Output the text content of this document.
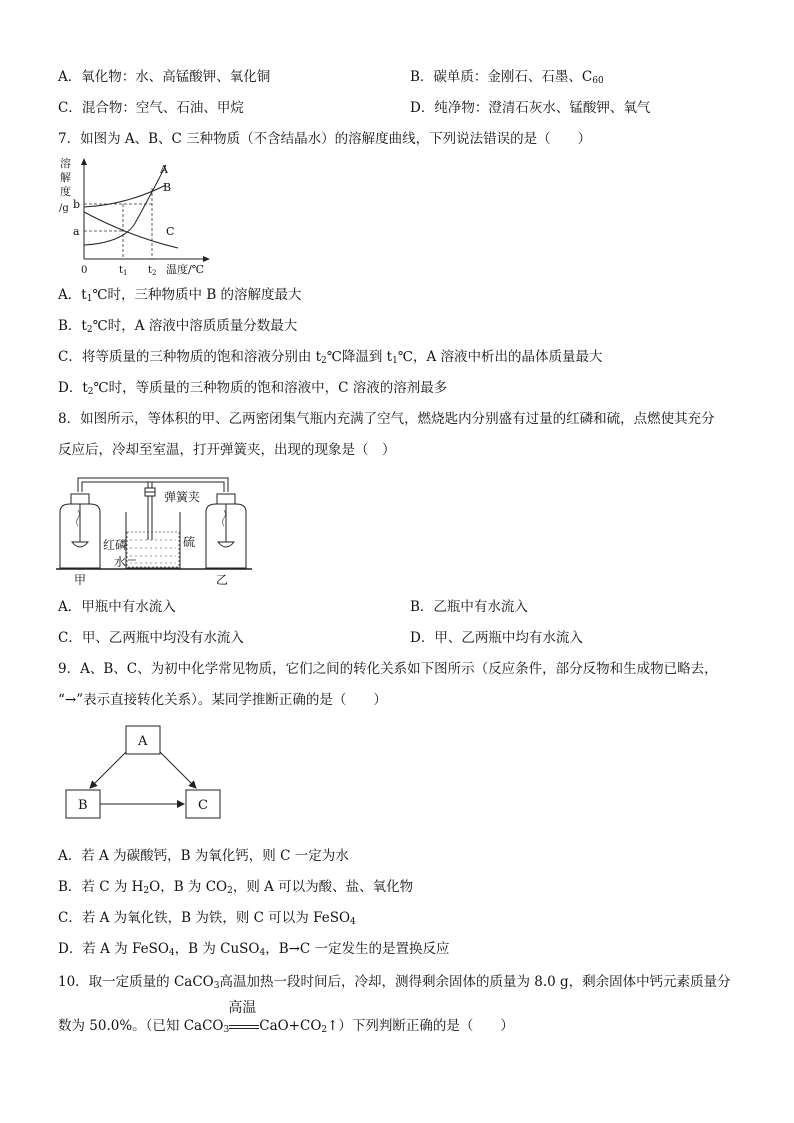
A．氧化物：水、高锰酸钾、氧化铜	B．碳单质：金刚石、石墨、$C_{60}$
C．混合物：空气、石油、甲烷	D．纯净物：澄清石灰水、锰酸钾、氧气
7．如图为 A、B、C 三种物质（不含结晶水）的溶解度曲线，下列说法错误的是（　　）
溶
解
度
/g
A
B
C
b
a
0	$t_1$ $t_2$ 温度/℃
A．$t_1℃$时，三种物质中 B 的溶解度最大
B．$t_2℃$时，A 溶液中溶质质量分数最大
C．将等质量的三种物质的饱和溶液分别由 $t_2℃$降温到 $t_1℃$，A 溶液中析出的晶体质量最大
D．$t_2℃$时，等质量的三种物质的饱和溶液中，C 溶液的溶剂最多
8．如图所示，等体积的甲、乙两密闭集气瓶内充满了空气，燃烧匙内分别盛有过量的红磷和硫，点燃使其充分
反应后，冷却至室温，打开弹簧夹，出现的现象是（　）
弹簧夹
红磷	硫
水
甲	乙
A．甲瓶中有水流入	B．乙瓶中有水流入
C．甲、乙两瓶中均没有水流入	D．甲、乙两瓶中均有水流入
9．A、B、C、为初中化学常见物质，它们之间的转化关系如下图所示（反应条件，部分反物和生成物已略去，
“→”表示直接转化关系）。某同学推断正确的是（　　）
A
B	C
A．若 A 为碳酸钙，B 为氧化钙，则 C 一定为水
B．若 C 为 $H_2O$，B 为 $CO_2$，则 A 可以为酸、盐、氧化物
C．若 A 为氧化铁，B 为铁，则 C 可以为 FeSO$_4$
D．若 A 为 FeSO$_4$，B 为 CuSO$_4$，B→C 一定发生的是置换反应
10．取一定质量的 CaCO$_3$高温加热一段时间后，冷却，测得剩余固体的质量为 8.0 g，剩余固体中钙元素质量分
数为 50.0%。（已知 CaCO$_3$
高温
$CaO+CO_2↑$）下列判断正确的是（　　）
